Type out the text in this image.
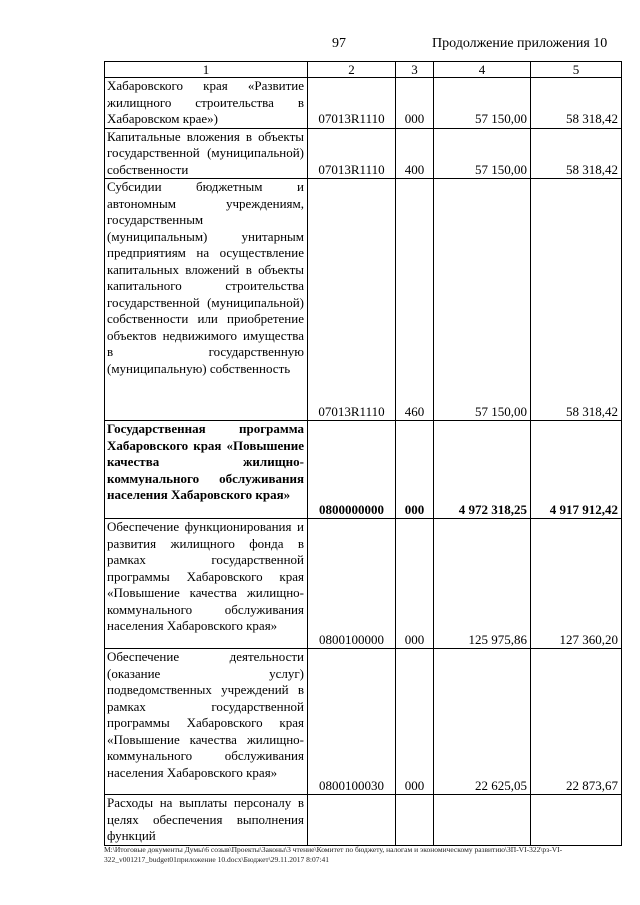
97	Продолжение приложения 10
1	2	3	4	5
Хабаровского края «Развитие жилищного строительства в Хабаровском крае»)	07013R1110	000	57 150,00	58 318,42
Капитальные вложения в объекты государственной (муниципальной) собственности	07013R1110	400	57 150,00	58 318,42
Субсидии бюджетным и автономным учреждениям, государственным (муниципальным) унитарным предприятиям на осуществление капитальных вложений в объекты капитального строительства государственной (муниципальной) собственности или приобретение объектов недвижимого имущества в государственную (муниципальную) собственность	07013R1110	460	57 150,00	58 318,42
Государственная программа Хабаровского края «Повышение качества жилищно-коммунального обслуживания населения Хабаровского края»	0800000000	000	4 972 318,25	4 917 912,42
Обеспечение функционирования и развития жилищного фонда в рамках государственной программы Хабаровского края «Повышение качества жилищно-коммунального обслуживания населения Хабаровского края»	0800100000	000	125 975,86	127 360,20
Обеспечение деятельности (оказание услуг) подведомственных учреждений в рамках государственной программы Хабаровского края «Повышение качества жилищно-коммунального обслуживания населения Хабаровского края»	0800100030	000	22 625,05	22 873,67
Расходы на выплаты персоналу в целях обеспечения выполнения функций				
М:\Итоговые документы Думы\6 созыв\Проекты\Законы\3 чтение\Комитет по бюджету, налогам и экономическому развитию\ЗП-VI-322\рз-VI-322_v001217_budget01приложение 10.docx\Бюджет\29.11.2017 8:07:41
